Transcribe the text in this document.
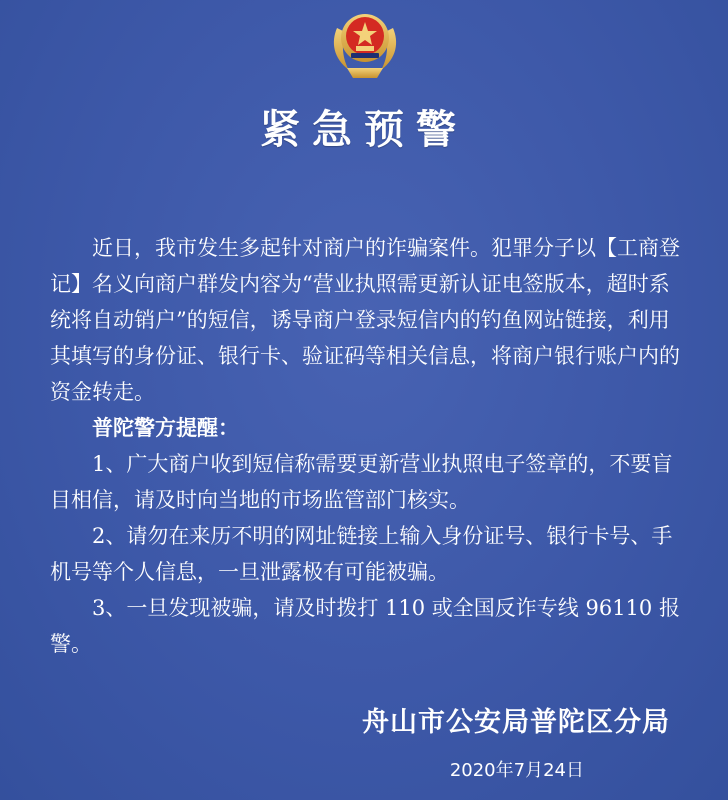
紧急预警

近日，我市发生多起针对商户的诈骗案件。犯罪分子以【工商登记】名义向商户群发内容为“营业执照需更新认证电签版本，超时系统将自动销户”的短信，诱导商户登录短信内的钓鱼网站链接，利用其填写的身份证、银行卡、验证码等相关信息，将商户银行账户内的资金转走。

普陀警方提醒：

1、广大商户收到短信称需要更新营业执照电子签章的，不要盲目相信，请及时向当地的市场监管部门核实。

2、请勿在来历不明的网址链接上输入身份证号、银行卡号、手机号等个人信息，一旦泄露极有可能被骗。

3、一旦发现被骗，请及时拨打 110 或全国反诈专线 96110 报警。

舟山市公安局普陀区分局
2020年7月24日
